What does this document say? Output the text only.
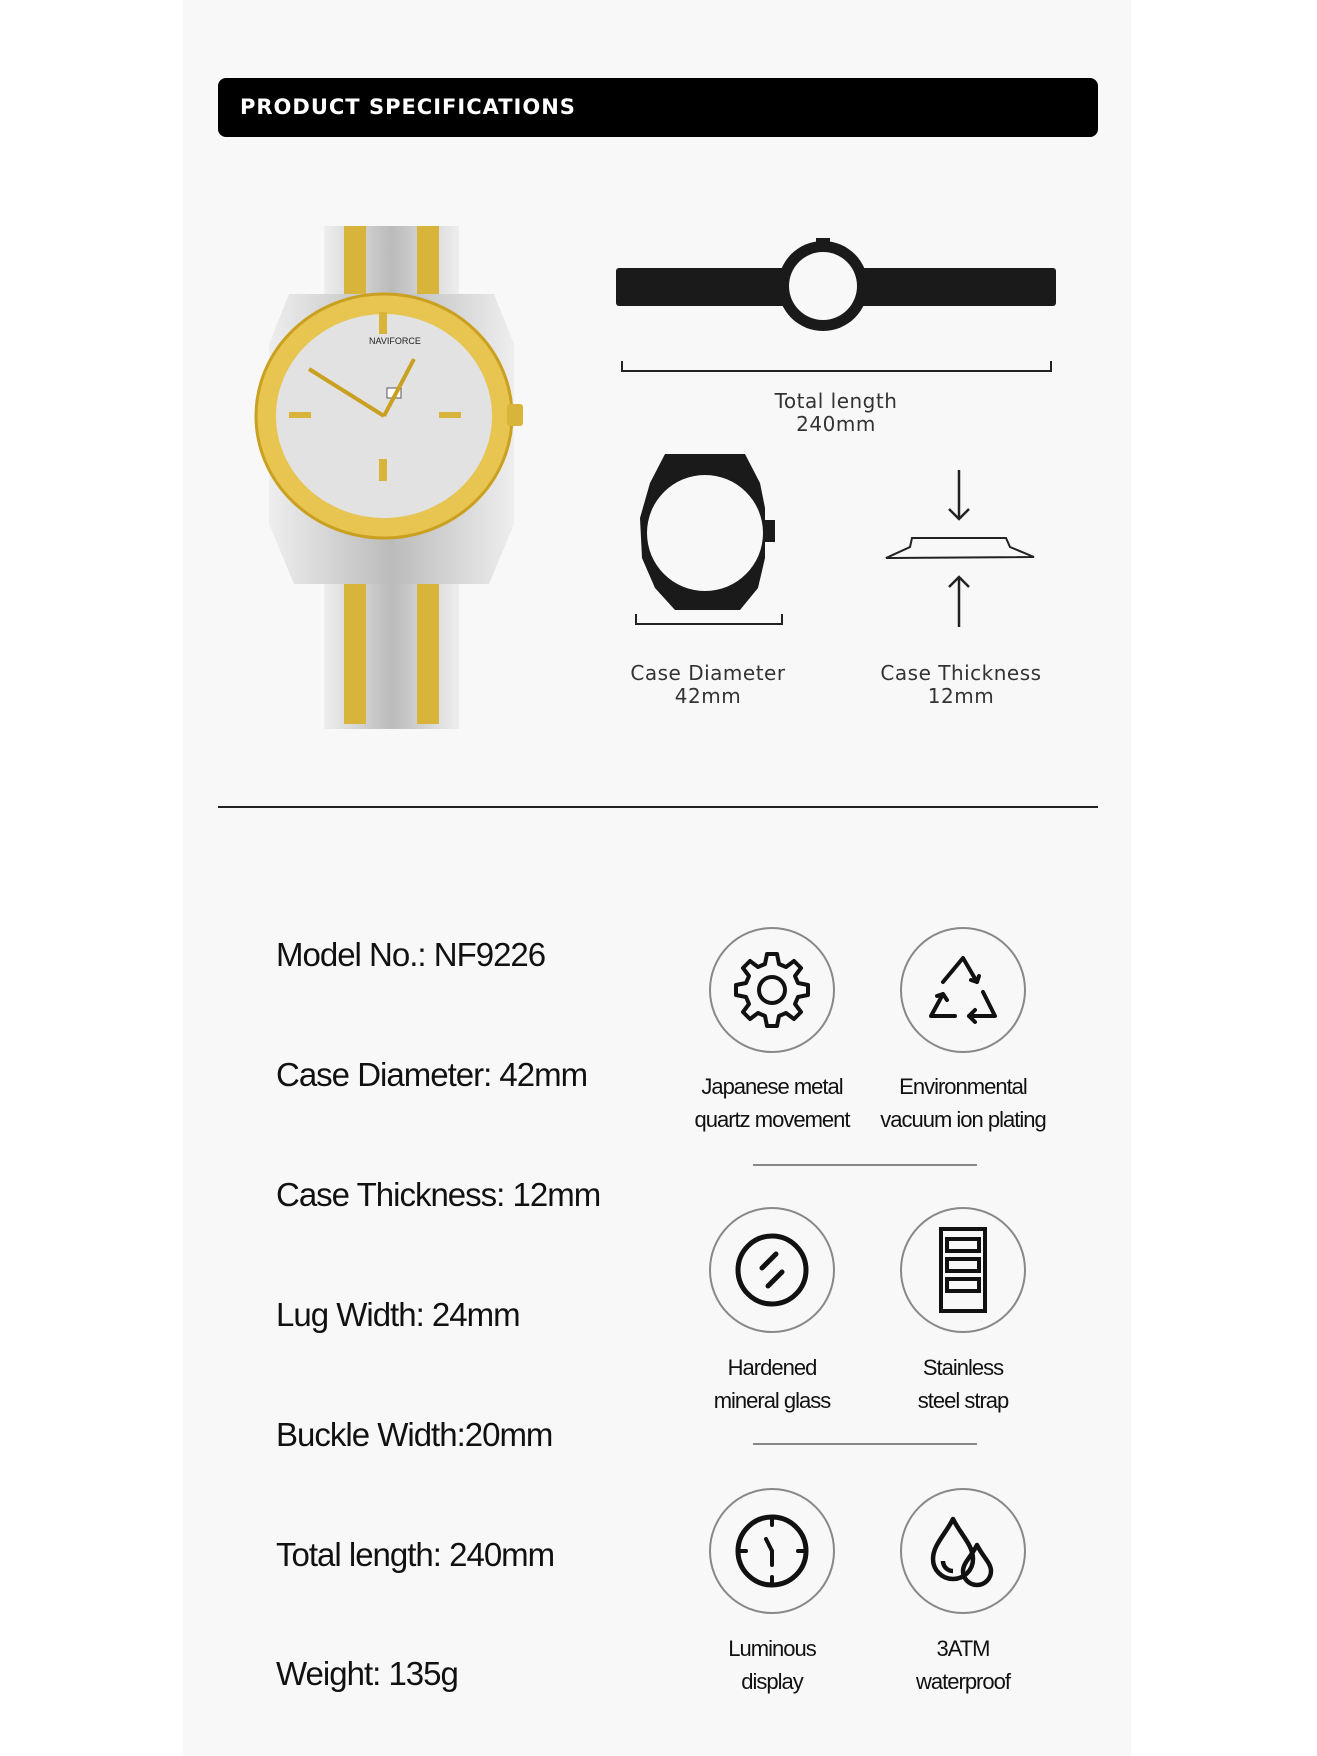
PRODUCT SPECIFICATIONS
NAVIFORCE
Total length
240mm
Case Diameter
42mm
Case Thickness
12mm
Model No.: NF9226
Case Diameter: 42mm
Case Thickness: 12mm
Lug Width: 24mm
Buckle Width:20mm
Total length: 240mm
Weight: 135g
Japanese metal
quartz movement
Environmental
vacuum ion plating
Hardened
mineral glass
Stainless
steel strap
Luminous
display
3ATM
waterproof
